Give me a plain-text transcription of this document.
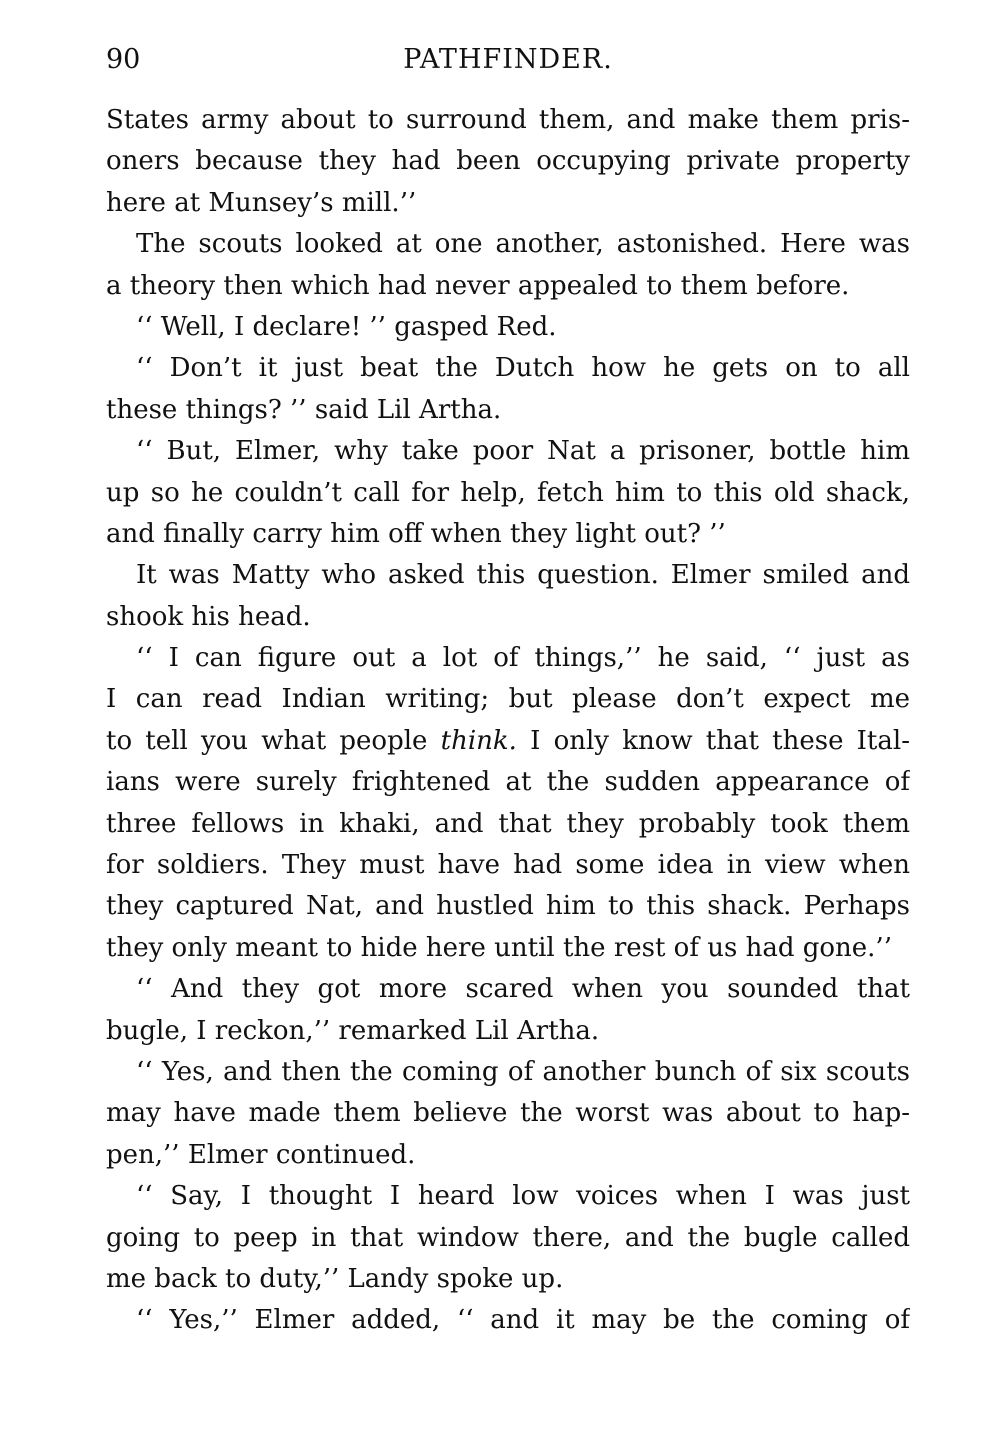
90	PATHFINDER.
States army about to surround them, and make them pris-
oners because they had been occupying private property
here at Munsey’s mill.’’
The scouts looked at one another, astonished. Here was
a theory then which had never appealed to them before.
‘‘ Well, I declare! ’’ gasped Red.
‘‘ Don’t it just beat the Dutch how he gets on to all
these things? ’’ said Lil Artha.
‘‘ But, Elmer, why take poor Nat a prisoner, bottle him
up so he couldn’t call for help, fetch him to this old shack,
and finally carry him off when they light out? ’’
It was Matty who asked this question. Elmer smiled and
shook his head.
‘‘ I can figure out a lot of things,’’ he said, ‘‘ just as
I can read Indian writing; but please don’t expect me
to tell you what people think. I only know that these Ital-
ians were surely frightened at the sudden appearance of
three fellows in khaki, and that they probably took them
for soldiers. They must have had some idea in view when
they captured Nat, and hustled him to this shack. Perhaps
they only meant to hide here until the rest of us had gone.’’
‘‘ And they got more scared when you sounded that
bugle, I reckon,’’ remarked Lil Artha.
‘‘ Yes, and then the coming of another bunch of six scouts
may have made them believe the worst was about to hap-
pen,’’ Elmer continued.
‘‘ Say, I thought I heard low voices when I was just
going to peep in that window there, and the bugle called
me back to duty,’’ Landy spoke up.
‘‘ Yes,’’ Elmer added, ‘‘ and it may be the coming of
